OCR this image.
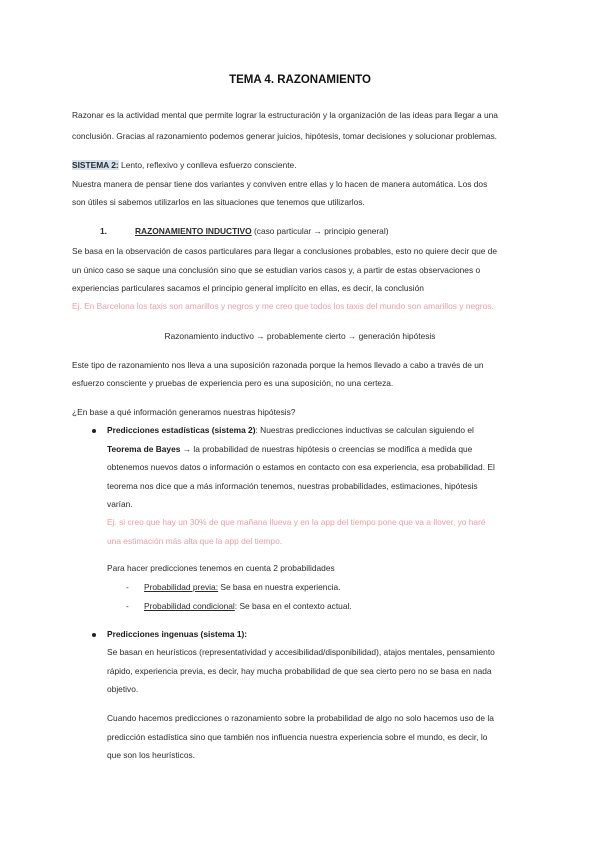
TEMA 4. RAZONAMIENTO
Razonar es la actividad mental que permite lograr la estructuración y la organización de las ideas para llegar a una
conclusión. Gracias al razonamiento podemos generar juicios, hipótesis, tomar decisiones y solucionar problemas.
SISTEMA 2: Lento, reflexivo y conlleva esfuerzo consciente.
Nuestra manera de pensar tiene dos variantes y conviven entre ellas y lo hacen de manera automática. Los dos
son útiles si sabemos utilizarlos en las situaciones que tenemos que utilizarlos.
1.	RAZONAMIENTO INDUCTIVO (caso particular → principio general)
Se basa en la observación de casos particulares para llegar a conclusiones probables, esto no quiere decir que de
un único caso se saque una conclusión sino que se estudian varios casos y, a partir de estas observaciones o
experiencias particulares sacamos el principio general implícito en ellas, es decir, la conclusión
Ej. En Barcelona los taxis son amarillos y negros y me creo que todos los taxis del mundo son amarillos y negros.
Razonamiento inductivo → probablemente cierto → generación hipótesis
Este tipo de razonamiento nos lleva a una suposición razonada porque la hemos llevado a cabo a través de un
esfuerzo consciente y pruebas de experiencia pero es una suposición, no una certeza.
¿En base a qué información generamos nuestras hipótesis?
Predicciones estadísticas (sistema 2): Nuestras predicciones inductivas se calculan siguiendo el
Teorema de Bayes → la probabilidad de nuestras hipótesis o creencias se modifica a medida que
obtenemos nuevos datos o información o estamos en contacto con esa experiencia, esa probabilidad. El
teorema nos dice que a más información tenemos, nuestras probabilidades, estimaciones, hipótesis
varían.
Ej. si creo que hay un 30% de que mañana llueva y en la app del tiempo pone que va a llover, yo haré
una estimación más alta que la app del tiempo.
Para hacer predicciones tenemos en cuenta 2 probabilidades
- Probabilidad previa: Se basa en nuestra experiencia.
- Probabilidad condicional: Se basa en el contexto actual.
Predicciones ingenuas (sistema 1):
Se basan en heurísticos (representatividad y accesibilidad/disponibilidad), atajos mentales, pensamiento
rápido, experiencia previa, es decir, hay mucha probabilidad de que sea cierto pero no se basa en nada
objetivo.
Cuando hacemos predicciones o razonamiento sobre la probabilidad de algo no solo hacemos uso de la
predicción estadística sino que también nos influencia nuestra experiencia sobre el mundo, es decir, lo
que son los heurísticos.
